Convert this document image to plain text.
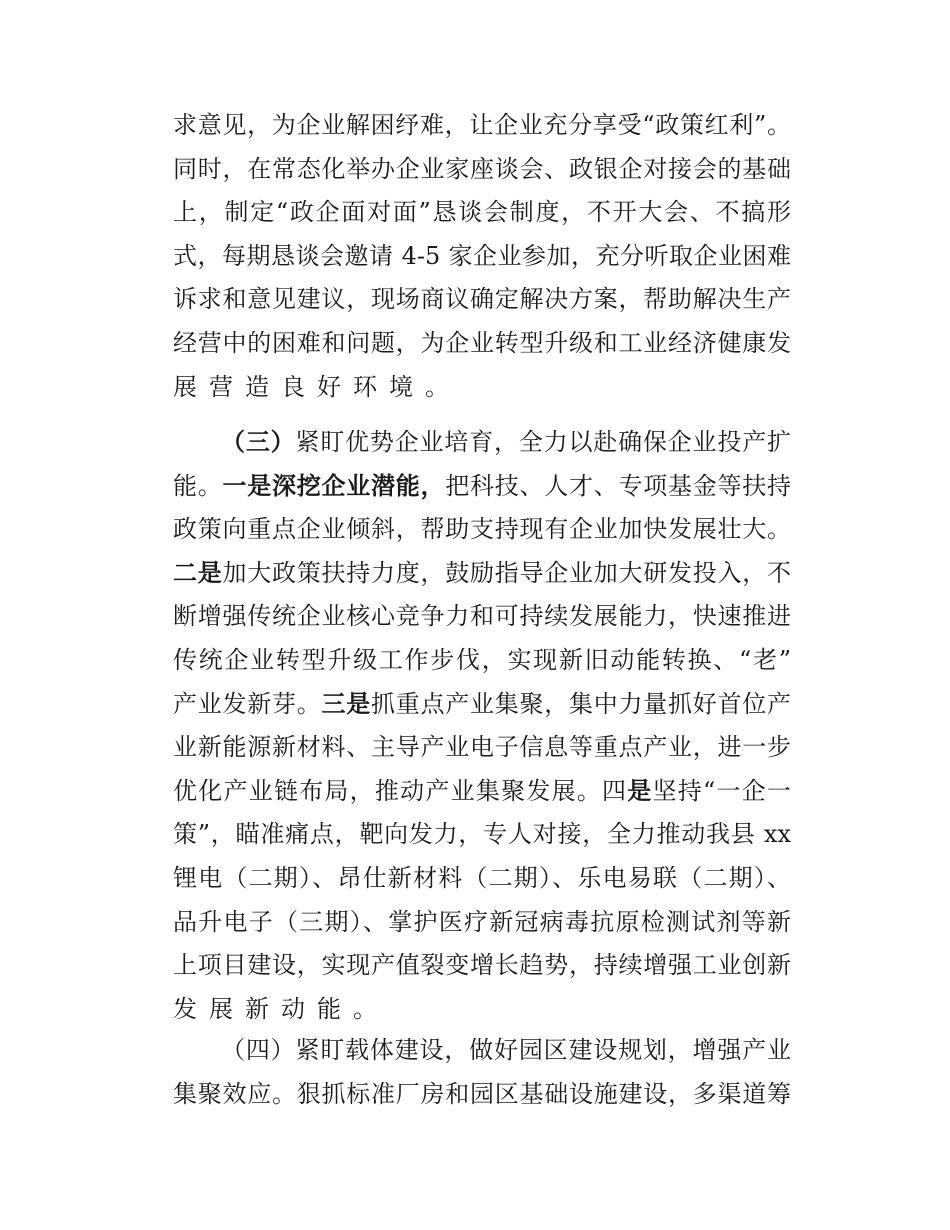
求意见，为企业解困纾难，让企业充分享受“政策红利”。
同时，在常态化举办企业家座谈会、政银企对接会的基础
上，制定“政企面对面”恳谈会制度，不开大会、不搞形
式，每期恳谈会邀请 4-5 家企业参加，充分听取企业困难
诉求和意见建议，现场商议确定解决方案，帮助解决生产
经营中的困难和问题，为企业转型升级和工业经济健康发
展营造良好环境。
（三）紧盯优势企业培育，全力以赴确保企业投产扩
能。一是深挖企业潜能，把科技、人才、专项基金等扶持
政策向重点企业倾斜，帮助支持现有企业加快发展壮大。
二是加大政策扶持力度，鼓励指导企业加大研发投入，不
断增强传统企业核心竞争力和可持续发展能力，快速推进
传统企业转型升级工作步伐，实现新旧动能转换、“老”
产业发新芽。三是抓重点产业集聚，集中力量抓好首位产
业新能源新材料、主导产业电子信息等重点产业，进一步
优化产业链布局，推动产业集聚发展。四是坚持“一企一
策”，瞄准痛点，靶向发力，专人对接，全力推动我县 xx
锂电（二期）、昂仕新材料（二期）、乐电易联（二期）、
品升电子（三期）、掌护医疗新冠病毒抗原检测试剂等新
上项目建设，实现产值裂变增长趋势，持续增强工业创新
发展新动能。
（四）紧盯载体建设，做好园区建设规划，增强产业
集聚效应。狠抓标准厂房和园区基础设施建设，多渠道筹
